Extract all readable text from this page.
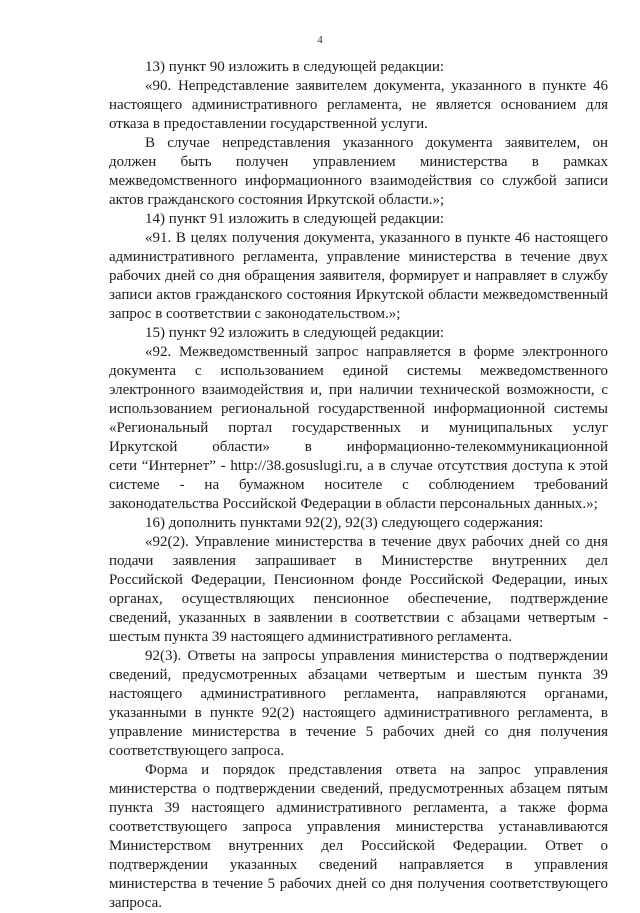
4
13) пункт 90 изложить в следующей редакции:
«90. Непредставление заявителем документа, указанного в пункте 46
настоящего административного регламента, не является основанием для
отказа в предоставлении государственной услуги.
В случае непредставления указанного документа заявителем, он
должен быть получен управлением министерства в рамках
межведомственного информационного взаимодействия со службой записи
актов гражданского состояния Иркутской области.»;
14) пункт 91 изложить в следующей редакции:
«91. В целях получения документа, указанного в пункте 46 настоящего
административного регламента, управление министерства в течение двух
рабочих дней со дня обращения заявителя, формирует и направляет в службу
записи актов гражданского состояния Иркутской области межведомственный
запрос в соответствии с законодательством.»;
15) пункт 92 изложить в следующей редакции:
«92. Межведомственный запрос направляется в форме электронного
документа с использованием единой системы межведомственного
электронного взаимодействия и, при наличии технической возможности, с
использованием региональной государственной информационной системы
«Региональный портал государственных и муниципальных услуг
Иркутской области» в информационно-телекоммуникационной
сети “Интернет” - http://38.gosuslugi.ru, а в случае отсутствия доступа к этой
системе - на бумажном носителе с соблюдением требований
законодательства Российской Федерации в области персональных данных.»;
16) дополнить пунктами 92(2), 92(3) следующего содержания:
«92(2). Управление министерства в течение двух рабочих дней со дня
подачи заявления запрашивает в Министерстве внутренних дел
Российской Федерации, Пенсионном фонде Российской Федерации, иных
органах, осуществляющих пенсионное обеспечение, подтверждение
сведений, указанных в заявлении в соответствии с абзацами четвертым -
шестым пункта 39 настоящего административного регламента.
92(3). Ответы на запросы управления министерства о подтверждении
сведений, предусмотренных абзацами четвертым и шестым пункта 39
настоящего административного регламента, направляются органами,
указанными в пункте 92(2) настоящего административного регламента, в
управление министерства в течение 5 рабочих дней со дня получения
соответствующего запроса.
Форма и порядок представления ответа на запрос управления
министерства о подтверждении сведений, предусмотренных абзацем пятым
пункта 39 настоящего административного регламента, а также форма
соответствующего запроса управления министерства устанавливаются
Министерством внутренних дел Российской Федерации. Ответ о
подтверждении указанных сведений направляется в управления
министерства в течение 5 рабочих дней со дня получения соответствующего
запроса.
